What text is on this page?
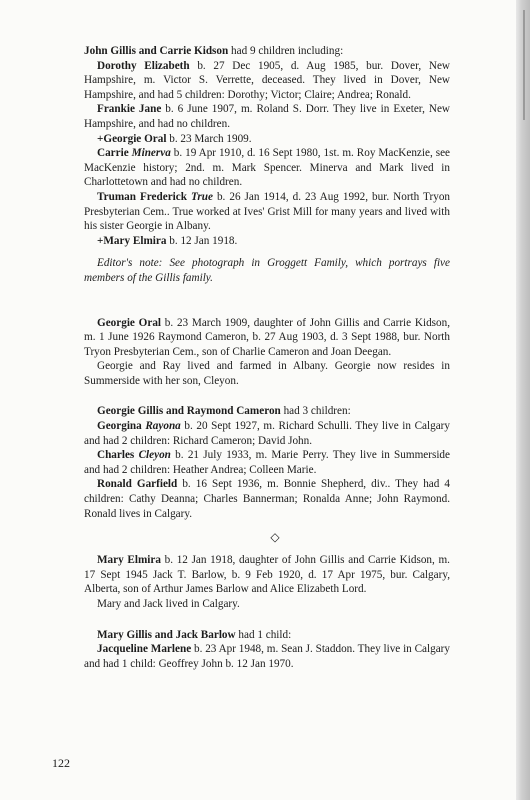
John Gillis and Carrie Kidson had 9 children including:

Dorothy Elizabeth b. 27 Dec 1905, d. Aug 1985, bur. Dover, New Hampshire, m. Victor S. Verrette, deceased. They lived in Dover, New Hampshire, and had 5 children: Dorothy; Victor; Claire; Andrea; Ronald.

Frankie Jane b. 6 June 1907, m. Roland S. Dorr. They live in Exeter, New Hampshire, and had no children.

+Georgie Oral b. 23 March 1909.

Carrie Minerva b. 19 Apr 1910, d. 16 Sept 1980, 1st. m. Roy MacKenzie, see MacKenzie history; 2nd. m. Mark Spencer. Minerva and Mark lived in Charlottetown and had no children.

Truman Frederick True b. 26 Jan 1914, d. 23 Aug 1992, bur. North Tryon Presbyterian Cem.. True worked at Ives' Grist Mill for many years and lived with his sister Georgie in Albany.

+Mary Elmira b. 12 Jan 1918.

Editor's note: See photograph in Groggett Family, which portrays five members of the Gillis family.

Georgie Oral b. 23 March 1909, daughter of John Gillis and Carrie Kidson, m. 1 June 1926 Raymond Cameron, b. 27 Aug 1903, d. 3 Sept 1988, bur. North Tryon Presbyterian Cem., son of Charlie Cameron and Joan Deegan.

Georgie and Ray lived and farmed in Albany. Georgie now resides in Summerside with her son, Cleyon.

Georgie Gillis and Raymond Cameron had 3 children:

Georgina Rayona b. 20 Sept 1927, m. Richard Schulli. They live in Calgary and had 2 children: Richard Cameron; David John.

Charles Cleyon b. 21 July 1933, m. Marie Perry. They live in Summerside and had 2 children: Heather Andrea; Colleen Marie.

Ronald Garfield b. 16 Sept 1936, m. Bonnie Shepherd, div.. They had 4 children: Cathy Deanna; Charles Bannerman; Ronalda Anne; John Raymond. Ronald lives in Calgary.

◇

Mary Elmira b. 12 Jan 1918, daughter of John Gillis and Carrie Kidson, m. 17 Sept 1945 Jack T. Barlow, b. 9 Feb 1920, d. 17 Apr 1975, bur. Calgary, Alberta, son of Arthur James Barlow and Alice Elizabeth Lord.

Mary and Jack lived in Calgary.

Mary Gillis and Jack Barlow had 1 child:

Jacqueline Marlene b. 23 Apr 1948, m. Sean J. Staddon. They live in Calgary and had 1 child: Geoffrey John b. 12 Jan 1970.

122
